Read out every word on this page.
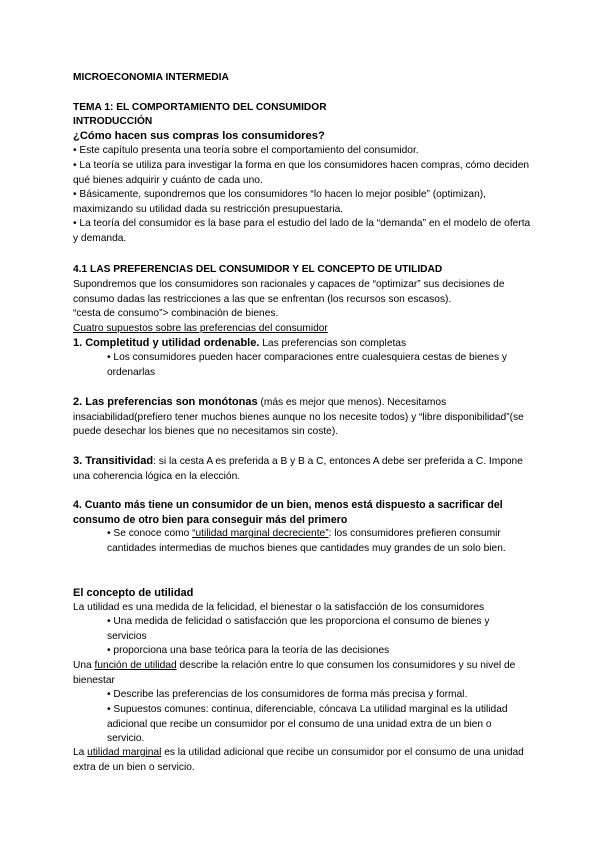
MICROECONOMIA INTERMEDIA

TEMA 1: EL COMPORTAMIENTO DEL CONSUMIDOR

INTRODUCCIÓN

¿Cómo hacen sus compras los consumidores?

• Este capítulo presenta una teoría sobre el comportamiento del consumidor.

• La teoría se utiliza para investigar la forma en que los consumidores hacen compras, cómo deciden qué bienes adquirir y cuánto de cada uno.

• Básicamente, supondremos que los consumidores “lo hacen lo mejor posible” (optimizan), maximizando su utilidad dada su restricción presupuestaria.

• La teoría del consumidor es la base para el estudio del lado de la “demanda” en el modelo de oferta y demanda.

4.1 LAS PREFERENCIAS DEL CONSUMIDOR Y EL CONCEPTO DE UTILIDAD

Supondremos que los consumidores son racionales y capaces de “optimizar” sus decisiones de consumo dadas las restricciones a las que se enfrentan (los recursos son escasos).

“cesta de consumo”> combinación de bienes.

Cuatro supuestos sobre las preferencias del consumidor

1. Completitud y utilidad ordenable. Las preferencias son completas

• Los consumidores pueden hacer comparaciones entre cualesquiera cestas de bienes y ordenarlas

2. Las preferencias son monótonas (más es mejor que menos). Necesitamos insaciabilidad(prefiero tener muchos bienes aunque no los necesite todos) y “libre disponibilidad”(se puede desechar los bienes que no necesitamos sin coste).

3. Transitividad: si la cesta A es preferida a B y B a C, entonces A debe ser preferida a C. Impone una coherencia lógica en la elección.

4. Cuanto más tiene un consumidor de un bien, menos está dispuesto a sacrificar del consumo de otro bien para conseguir más del primero

• Se conoce como “utilidad marginal decreciente”: los consumidores prefieren consumir cantidades intermedias de muchos bienes que cantidades muy grandes de un solo bien.

El concepto de utilidad

La utilidad es una medida de la felicidad, el bienestar o la satisfacción de los consumidores

• Una medida de felicidad o satisfacción que les proporciona el consumo de bienes y servicios

• proporciona una base teórica para la teoría de las decisiones

Una función de utilidad describe la relación entre lo que consumen los consumidores y su nivel de bienestar

• Describe las preferencias de los consumidores de forma más precisa y formal.

• Supuestos comunes: continua, diferenciable, cóncava La utilidad marginal es la utilidad adicional que recibe un consumidor por el consumo de una unidad extra de un bien o servicio.

La utilidad marginal es la utilidad adicional que recibe un consumidor por el consumo de una unidad extra de un bien o servicio.
